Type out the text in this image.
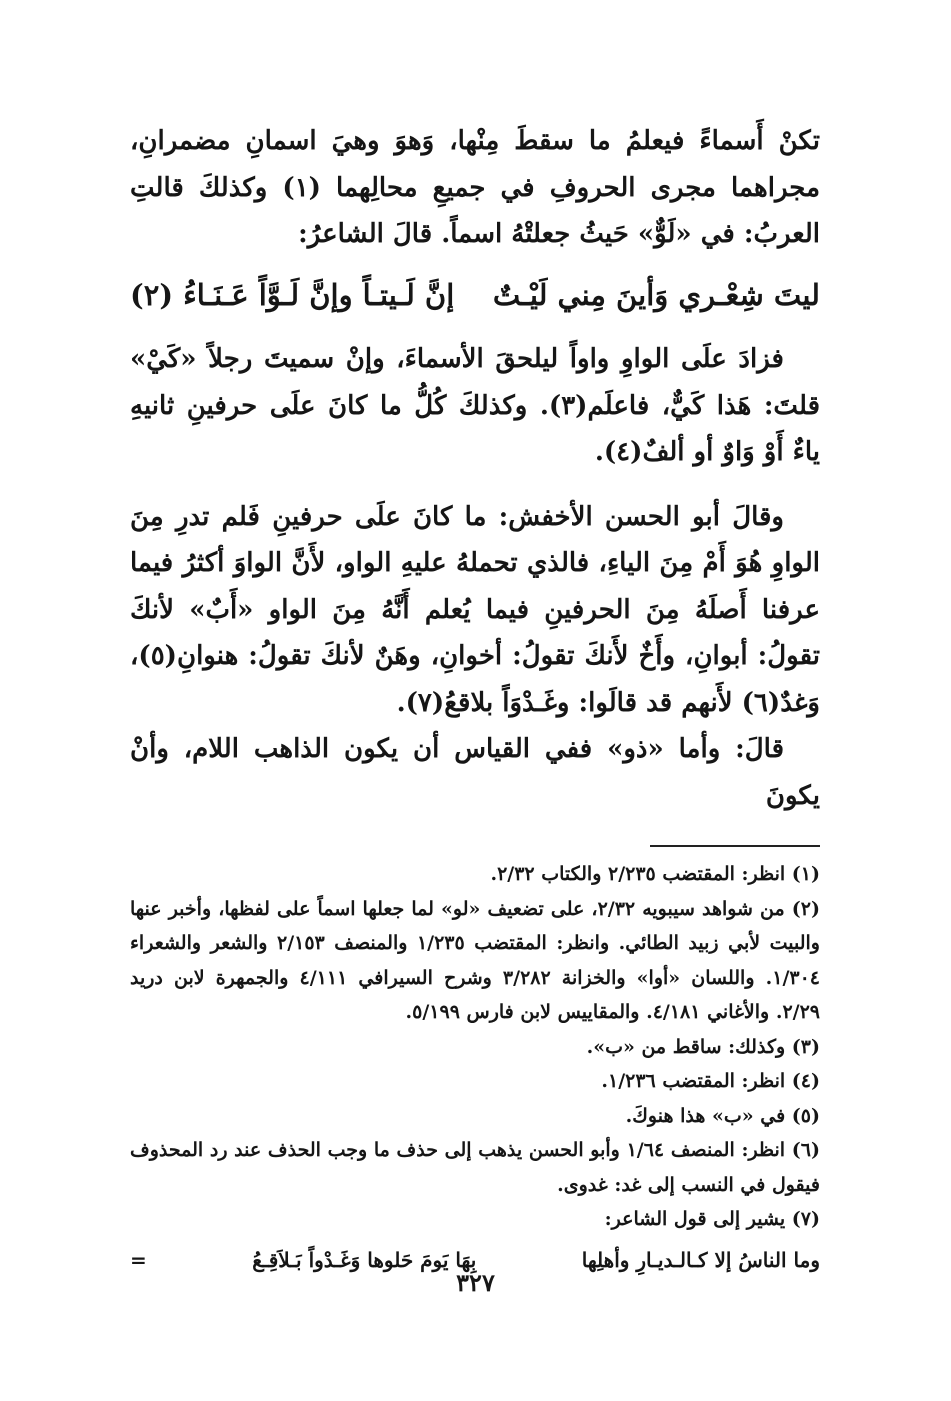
تكنْ أَسماءً فيعلمُ ما سقطَ مِنْها، وَهوَ وهيَ اسمانِ مضمرانِ، مجراهما مجرى الحروفِ في جميعِ محالِهما (١) وكذلكَ قالتِ العربُ: في «لَوٌّ» حَيثُ جعلتْهُ اسماً. قالَ الشاعرُ:

ليتَ شِعْـري وَأينَ مِني لَيْـتٌ
إنَّ لَـيتـاً وإنَّ لَـوَّاً عَـنَـاءُ (٢)

فزادَ علَى الواوِ واواً ليلحقَ الأسماءَ، وإنْ سميتَ رجلاً «كَيْ» قلتَ: هَذا كَيٌّ، فاعلَم(٣). وكذلكَ كُلُّ ما كانَ علَى حرفينِ ثانيهِ ياءٌ أَوْ وَاوٌ أو ألفٌ(٤).

وقالَ أبو الحسن الأخفش: ما كانَ علَى حرفينِ فَلم تدرِ مِنَ الواوِ هُوَ أَمْ مِنَ الياءِ، فالذي تحملهُ عليهِ الواو، لأَنَّ الواوَ أكثرُ فيما عرفنا أَصلَهُ مِنَ الحرفينِ فيما يُعلم أَنَّهُ مِنَ الواو «أَبٌ» لأنكَ تقولُ: أبوانِ، وأَخٌ لأَنكَ تقولُ: أخوانِ، وهَنٌ لأنكَ تقولُ: هنوانِ(٥)، وَغدٌ(٦) لأَنهم قد قالَوا: وغَـدْوَاً بلاقعُ(٧).

قالَ: وأما «ذو» ففي القياس أن يكون الذاهب اللام، وأنْ يكونَ

(١) انظر: المقتضب ٢/٢٣٥ والكتاب ٢/٣٢.

(٢) من شواهد سيبويه ٢/٣٢، على تضعيف «لو» لما جعلها اسماً على لفظها، وأخبر عنها والبيت لأبي زبيد الطائي. وانظر: المقتضب ١/٢٣٥ والمنصف ٢/١٥٣ والشعر والشعراء ١/٣٠٤. واللسان «أوا» والخزانة ٣/٢٨٢ وشرح السيرافي ٤/١١١ والجمهرة لابن دريد ٢/٢٩. والأغاني ٤/١٨١. والمقاييس لابن فارس ٥/١٩٩.

(٣) وكذلك: ساقط من «ب».

(٤) انظر: المقتضب ١/٢٣٦.

(٥) في «ب» هذا هنوكَ.

(٦) انظر: المنصف ١/٦٤ وأبو الحسن يذهب إلى حذف ما وجب الحذف عند رد المحذوف فيقول في النسب إلى غد: غدوى.

(٧) يشير إلى قول الشاعر:

وما الناسُ إلا كـالـديـارِ وأهلِها
بِهَا يَومَ حَلوها وَغَـدْواً بَـلاَقِـعُ
=
٣٢٧
